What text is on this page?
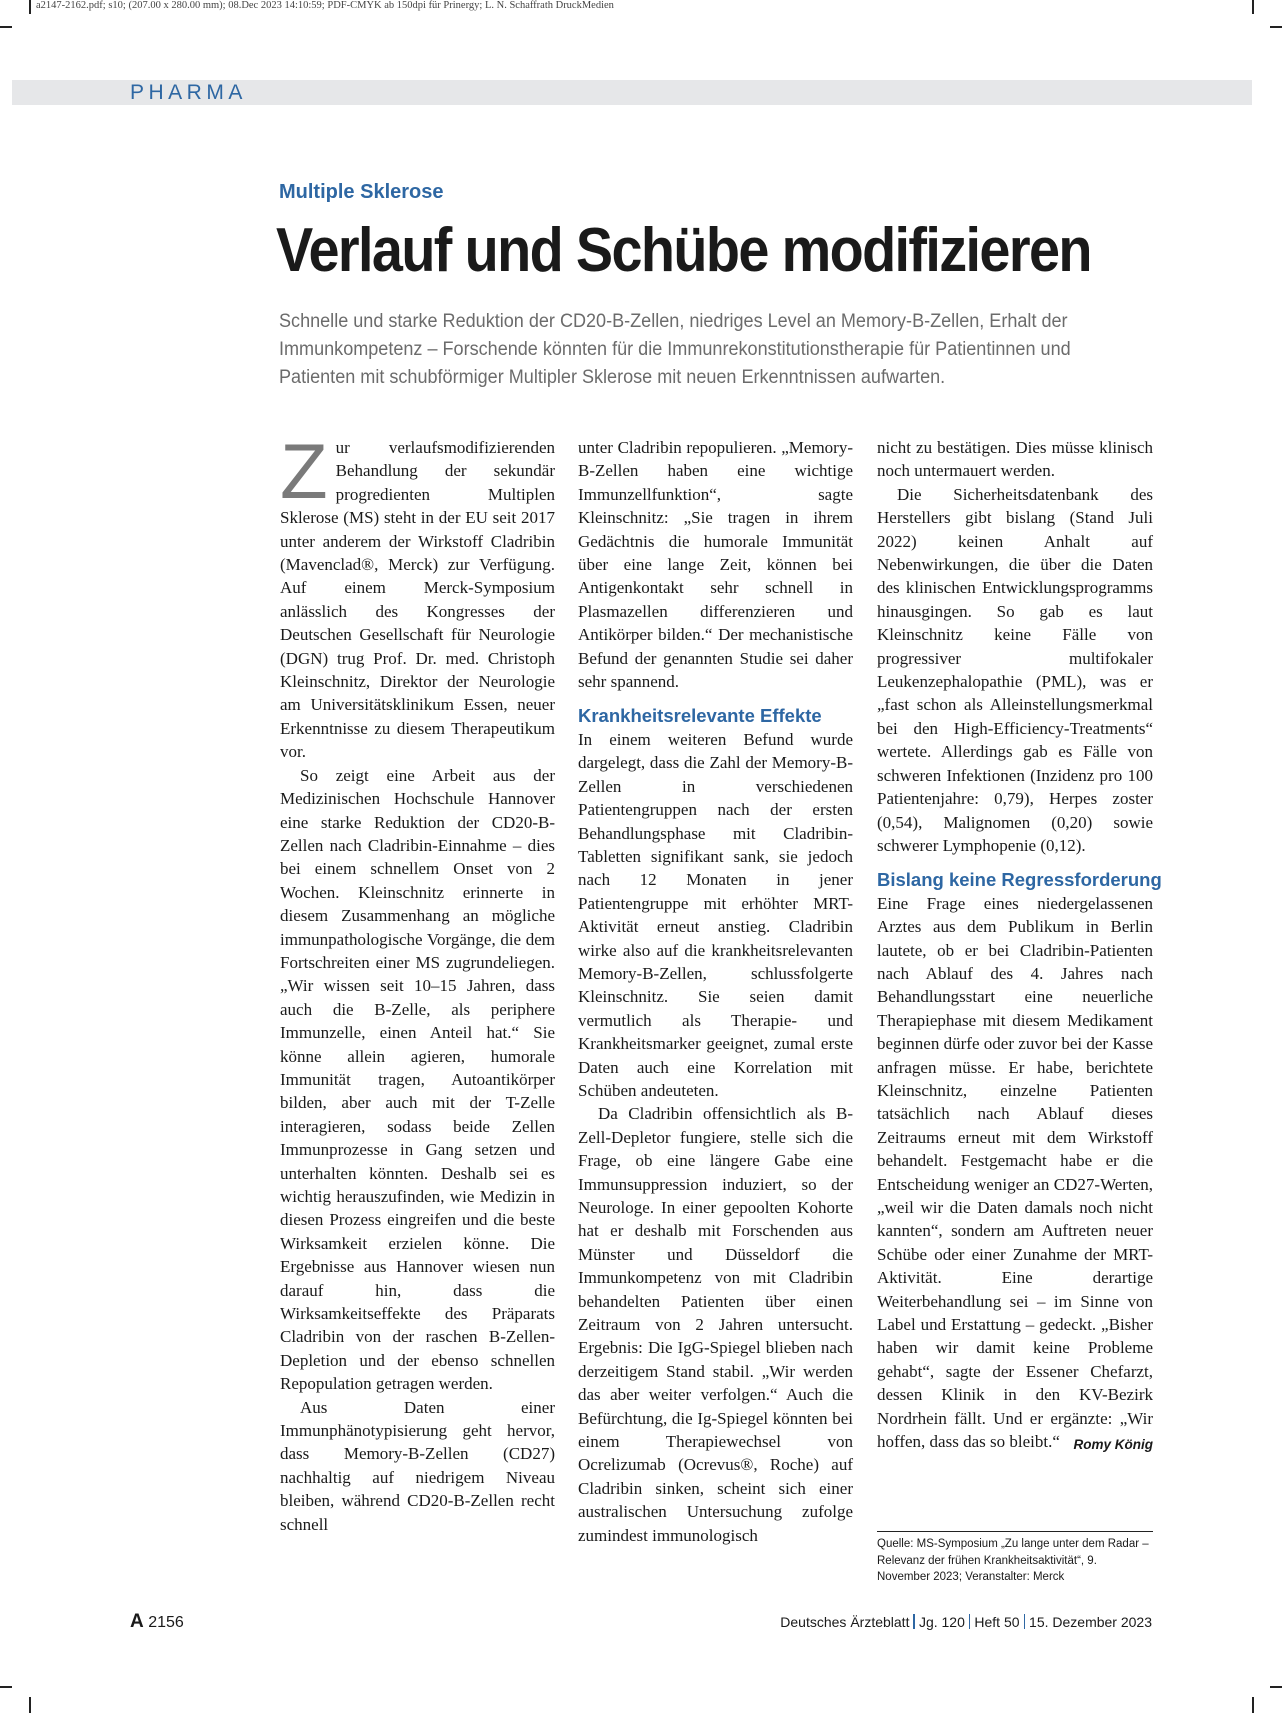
a2147-2162.pdf; s10; (207.00 x 280.00 mm); 08.Dec 2023 14:10:59; PDF-CMYK ab 150dpi für Prinergy; L. N. Schaffrath DruckMedien
PHARMA
Multiple Sklerose
Verlauf und Schübe modifizieren

Schnelle und starke Reduktion der CD20-B-Zellen, niedriges Level an Memory-B-Zellen, Erhalt der Immunkompetenz – Forschende könnten für die Immunrekonstitutionstherapie für Patientinnen und Patienten mit schubförmiger Multipler Sklerose mit neuen Erkenntnissen aufwarten.

Zur verlaufsmodifizierenden Behandlung der sekundär progredienten Multiplen Sklerose (MS) steht in der EU seit 2017 unter anderem der Wirkstoff Cladribin (Mavenclad®, Merck) zur Verfügung. Auf einem Merck-Symposium anlässlich des Kongresses der Deutschen Gesellschaft für Neurologie (DGN) trug Prof. Dr. med. Christoph Kleinschnitz, Direktor der Neurologie am Universitätsklinikum Essen, neuer Erkenntnisse zu diesem Therapeutikum vor.

So zeigt eine Arbeit aus der Medizinischen Hochschule Hannover eine starke Reduktion der CD20-B-Zellen nach Cladribin-Einnahme – dies bei einem schnellem Onset von 2 Wochen. Kleinschnitz erinnerte in diesem Zusammenhang an mögliche immunpathologische Vorgänge, die dem Fortschreiten einer MS zugrundeliegen. „Wir wissen seit 10–15 Jahren, dass auch die B-Zelle, als periphere Immunzelle, einen Anteil hat.“ Sie könne allein agieren, humorale Immunität tragen, Autoantikörper bilden, aber auch mit der T-Zelle interagieren, sodass beide Zellen Immunprozesse in Gang setzen und unterhalten könnten. Deshalb sei es wichtig herauszufinden, wie Medizin in diesen Prozess eingreifen und die beste Wirksamkeit erzielen könne. Die Ergebnisse aus Hannover wiesen nun darauf hin, dass die Wirksamkeitseffekte des Präparats Cladribin von der raschen B-Zellen-Depletion und der ebenso schnellen Repopulation getragen werden.

Aus Daten einer Immunphänotypisierung geht hervor, dass Memory-B-Zellen (CD27) nachhaltig auf niedrigem Niveau bleiben, während CD20-B-Zellen recht schnell

unter Cladribin repopulieren. „Memory-B-Zellen haben eine wichtige Immunzellfunktion“, sagte Kleinschnitz: „Sie tragen in ihrem Gedächtnis die humorale Immunität über eine lange Zeit, können bei Antigenkontakt sehr schnell in Plasmazellen differenzieren und Antikörper bilden.“ Der mechanistische Befund der genannten Studie sei daher sehr spannend.

Krankheitsrelevante Effekte

In einem weiteren Befund wurde dargelegt, dass die Zahl der Memory-B-Zellen in verschiedenen Patientengruppen nach der ersten Behandlungsphase mit Cladribin-Tabletten signifikant sank, sie jedoch nach 12 Monaten in jener Patientengruppe mit erhöhter MRT-Aktivität erneut anstieg. Cladribin wirke also auf die krankheitsrelevanten Memory-B-Zellen, schlussfolgerte Kleinschnitz. Sie seien damit vermutlich als Therapie- und Krankheitsmarker geeignet, zumal erste Daten auch eine Korrelation mit Schüben andeuteten.

Da Cladribin offensichtlich als B-Zell-Depletor fungiere, stelle sich die Frage, ob eine längere Gabe eine Immunsuppression induziert, so der Neurologe. In einer gepoolten Kohorte hat er deshalb mit Forschenden aus Münster und Düsseldorf die Immunkompetenz von mit Cladribin behandelten Patienten über einen Zeitraum von 2 Jahren untersucht. Ergebnis: Die IgG-Spiegel blieben nach derzeitigem Stand stabil. „Wir werden das aber weiter verfolgen.“ Auch die Befürchtung, die Ig-Spiegel könnten bei einem Therapiewechsel von Ocrelizumab (Ocrevus®, Roche) auf Cladribin sinken, scheint sich einer australischen Untersuchung zufolge zumindest immunologisch

nicht zu bestätigen. Dies müsse klinisch noch untermauert werden.

Die Sicherheitsdatenbank des Herstellers gibt bislang (Stand Juli 2022) keinen Anhalt auf Nebenwirkungen, die über die Daten des klinischen Entwicklungsprogramms hinausgingen. So gab es laut Kleinschnitz keine Fälle von progressiver multifokaler Leukenzephalopathie (PML), was er „fast schon als Alleinstellungsmerkmal bei den High-Efficiency-Treatments“ wertete. Allerdings gab es Fälle von schweren Infektionen (Inzidenz pro 100 Patientenjahre: 0,79), Herpes zoster (0,54), Malignomen (0,20) sowie schwerer Lymphopenie (0,12).

Bislang keine Regressforderung

Eine Frage eines niedergelassenen Arztes aus dem Publikum in Berlin lautete, ob er bei Cladribin-Patienten nach Ablauf des 4. Jahres nach Behandlungsstart eine neuerliche Therapiephase mit diesem Medikament beginnen dürfe oder zuvor bei der Kasse anfragen müsse. Er habe, berichtete Kleinschnitz, einzelne Patienten tatsächlich nach Ablauf dieses Zeitraums erneut mit dem Wirkstoff behandelt. Festgemacht habe er die Entscheidung weniger an CD27-Werten, „weil wir die Daten damals noch nicht kannten“, sondern am Auftreten neuer Schübe oder einer Zunahme der MRT-Aktivität. Eine derartige Weiterbehandlung sei – im Sinne von Label und Erstattung – gedeckt. „Bisher haben wir damit keine Probleme gehabt“, sagte der Essener Chefarzt, dessen Klinik in den KV-Bezirk Nordrhein fällt. Und er ergänzte: „Wir hoffen, dass das so bleibt.“ Romy König

Quelle: MS-Symposium „Zu lange unter dem Radar – Relevanz der frühen Krankheitsaktivität“, 9. November 2023; Veranstalter: Merck

A 2156	Deutsches Ärzteblatt Jg. 120 Heft 50 15. Dezember 2023
